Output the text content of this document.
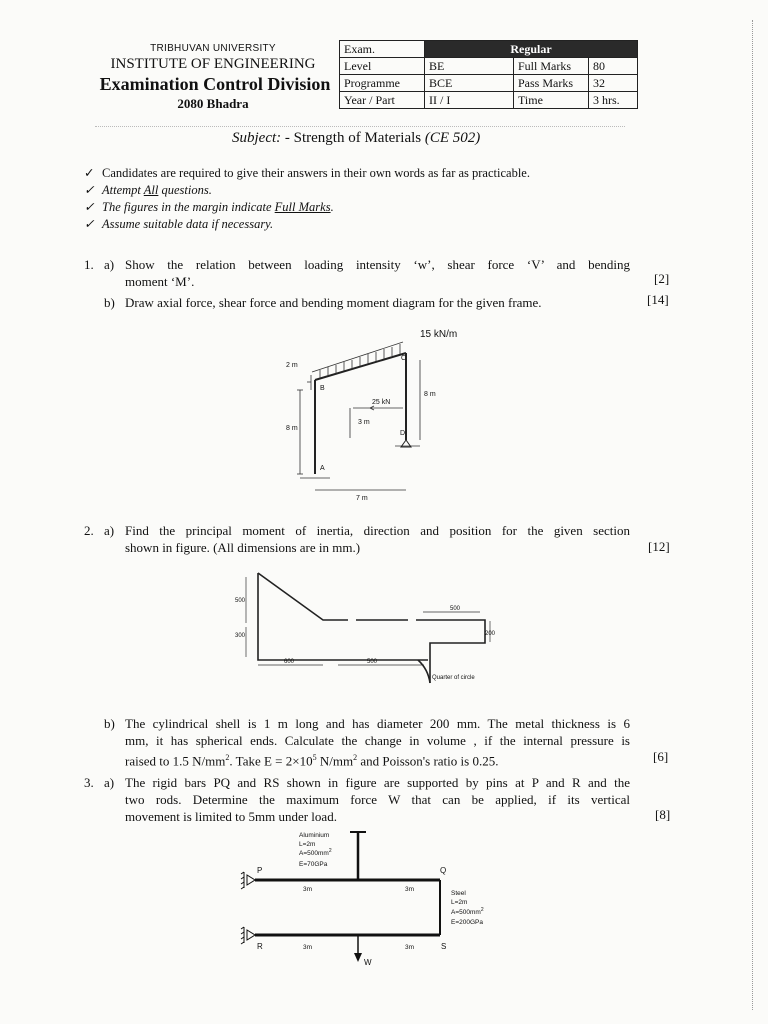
TRIBHUVAN UNIVERSITY
INSTITUTE OF ENGINEERING
Examination Control Division
2080 Bhadra
Exam.	Regular		
Level	BE	Full Marks	80
Programme	BCE	Pass Marks	32
Year / Part	II / I	Time	3 hrs.
Subject: - Strength of Materials (CE 502)
✓ Candidates are required to give their answers in their own words as far as practicable.
✓ Attempt All questions.
✓ The figures in the margin indicate Full Marks.
✓ Assume suitable data if necessary.
1. a) Show the relation between loading intensity ‘w’, shear force ‘V’ and bending
moment ‘M’.	[2]
b) Draw axial force, shear force and bending moment diagram for the given frame.	[14]
15 kN/m
C
B
D
A
2 m
8 m
8 m
3 m
25 kN
7 m
2. a) Find the principal moment of inertia, direction and position for the given section
shown in figure. (All dimensions are in mm.)	[12]
500
300
500
200
600	500
Quarter of circle
b) The cylindrical shell is 1 m long and has diameter 200 mm. The metal thickness is 6
mm, it has spherical ends. Calculate the change in volume , if the internal pressure is
raised to 1.5 $N/mm^2$. Take $E = 2\times 10^5$ $N/mm^2$ and Poisson's ratio is 0.25.	[6]
3. a) The rigid bars PQ and RS shown in figure are supported by pins at P and R and the
two rods. Determine the maximum force W that can be applied, if its vertical
movement is limited to 5mm under load.	[8]
Aluminium
L=2m
$A=500mm^2$
E=70GPa
Steel
L=2m
$A=500mm^2$
E=200GPa
P	Q
R	S
3m	3m
3m	3m
W
